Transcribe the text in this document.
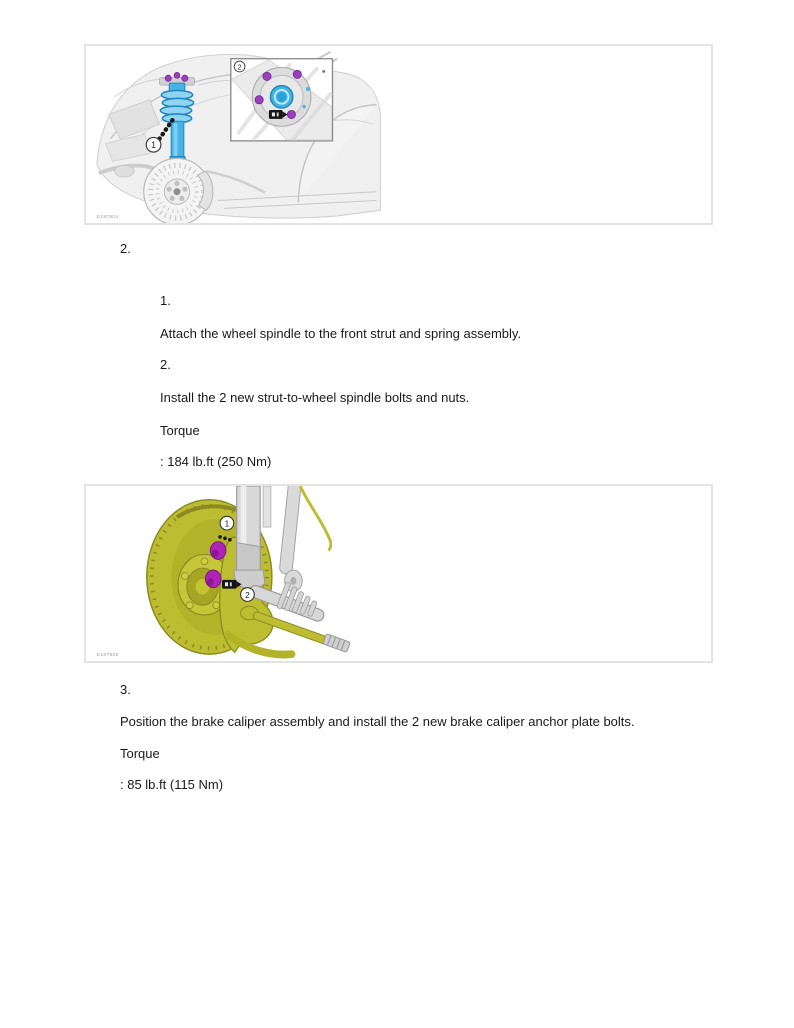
1
2
E187904
2.
1.
Attach the wheel spindle to the front strut and spring assembly.
2.
Install the 2 new strut-to-wheel spindle bolts and nuts.
Torque
: 184 lb.ft (250 Nm)
1
2
E187905
3.
Position the brake caliper assembly and install the 2 new brake caliper anchor plate bolts.
Torque
: 85 lb.ft (115 Nm)
